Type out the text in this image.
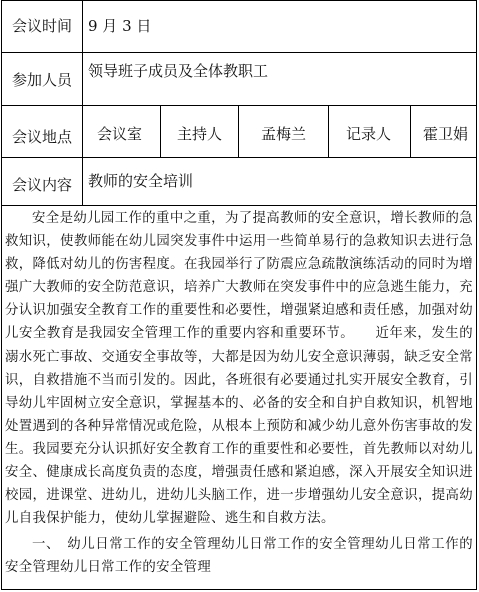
会议时间 9 月 3 日
参加人员 领导班子成员及全体教职工
会议地点 会议室 主持人	孟梅兰	记录人 霍卫娟
会议内容 教师的安全培训

安全是幼儿园工作的重中之重，为了提高教师的安全意识，增长教师的急救知识，使教师能在幼儿园突发事件中运用一些简单易行的急救知识去进行急救，降低对幼儿的伤害程度。在我园举行了防震应急疏散演练活动的同时为增强广大教师的安全防范意识，培养广大教师在突发事件中的应急逃生能力，充分认识加强安全教育工作的重要性和必要性，增强紧迫感和责任感，加强对幼儿安全教育是我园安全管理工作的重要内容和重要环节。　　近年来，发生的溺水死亡事故、交通安全事故等，大都是因为幼儿安全意识薄弱，缺乏安全常识，自救措施不当而引发的。因此，各班很有必要通过扎实开展安全教育，引导幼儿牢固树立安全意识，掌握基本的、必备的安全和自护自救知识，机智地处置遇到的各种异常情况或危险，从根本上预防和减少幼儿意外伤害事故的发生。我园要充分认识抓好安全教育工作的重要性和必要性，首先教师以对幼儿安全、健康成长高度负责的态度，增强责任感和紧迫感，深入开展安全知识进校园，进课堂、进幼儿，进幼儿头脑工作，进一步增强幼儿安全意识，提高幼儿自我保护能力，使幼儿掌握避险、逃生和自救方法。

一、　幼儿日常工作的安全管理幼儿日常工作的安全管理幼儿日常工作的安全管理幼儿日常工作的安全管理
